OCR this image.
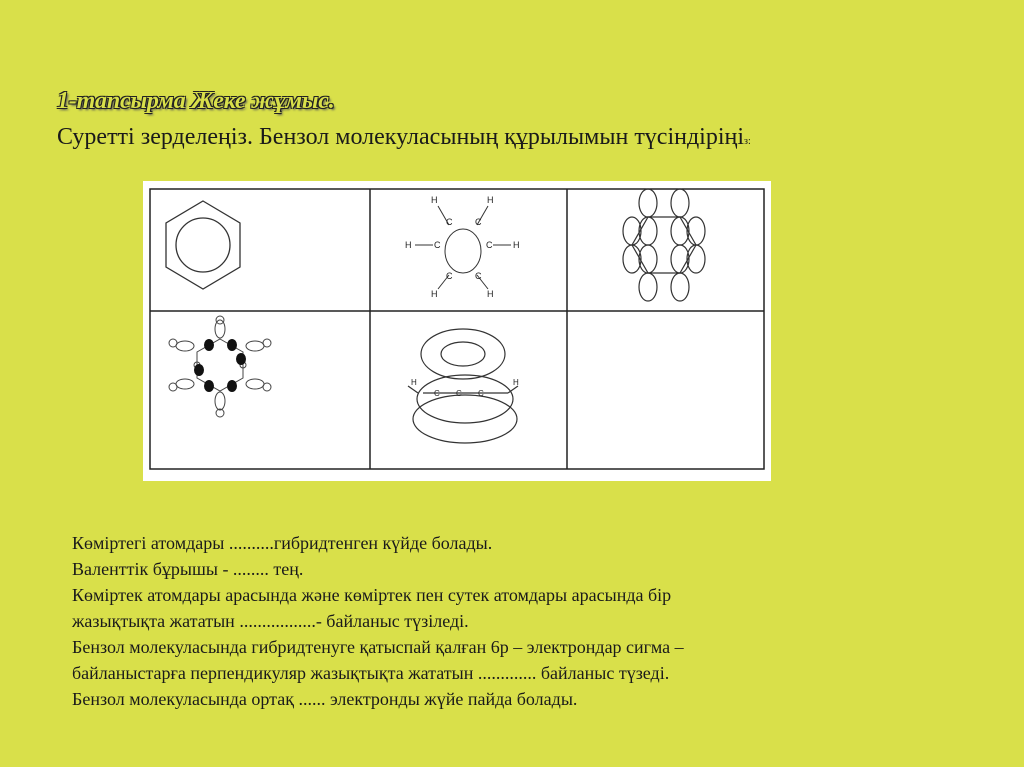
1-тапсырма Жеке жұмыс.
Суретті зерделеңіз. Бензол молекуласының құрылымын түсіндіріңіз:
C	C
C	C
C	C
H	H
H	H
H	H
C C C
H	H
Көміртегі атомдары ..........гибридтенген күйде болады.
Валенттік бұрышы - ........ тең.
Көміртек атомдары арасында және көміртек пен сутек атомдары арасында бір
жазықтықта жататын .................- байланыс түзіледі.
Бензол молекуласында гибридтенуге қатыспай қалған 6р – электрондар сигма –
байланыстарға перпендикуляр жазықтықта жататын ............. байланыс түзеді.
Бензол молекуласында ортақ ...... электронды жүйе пайда болады.
